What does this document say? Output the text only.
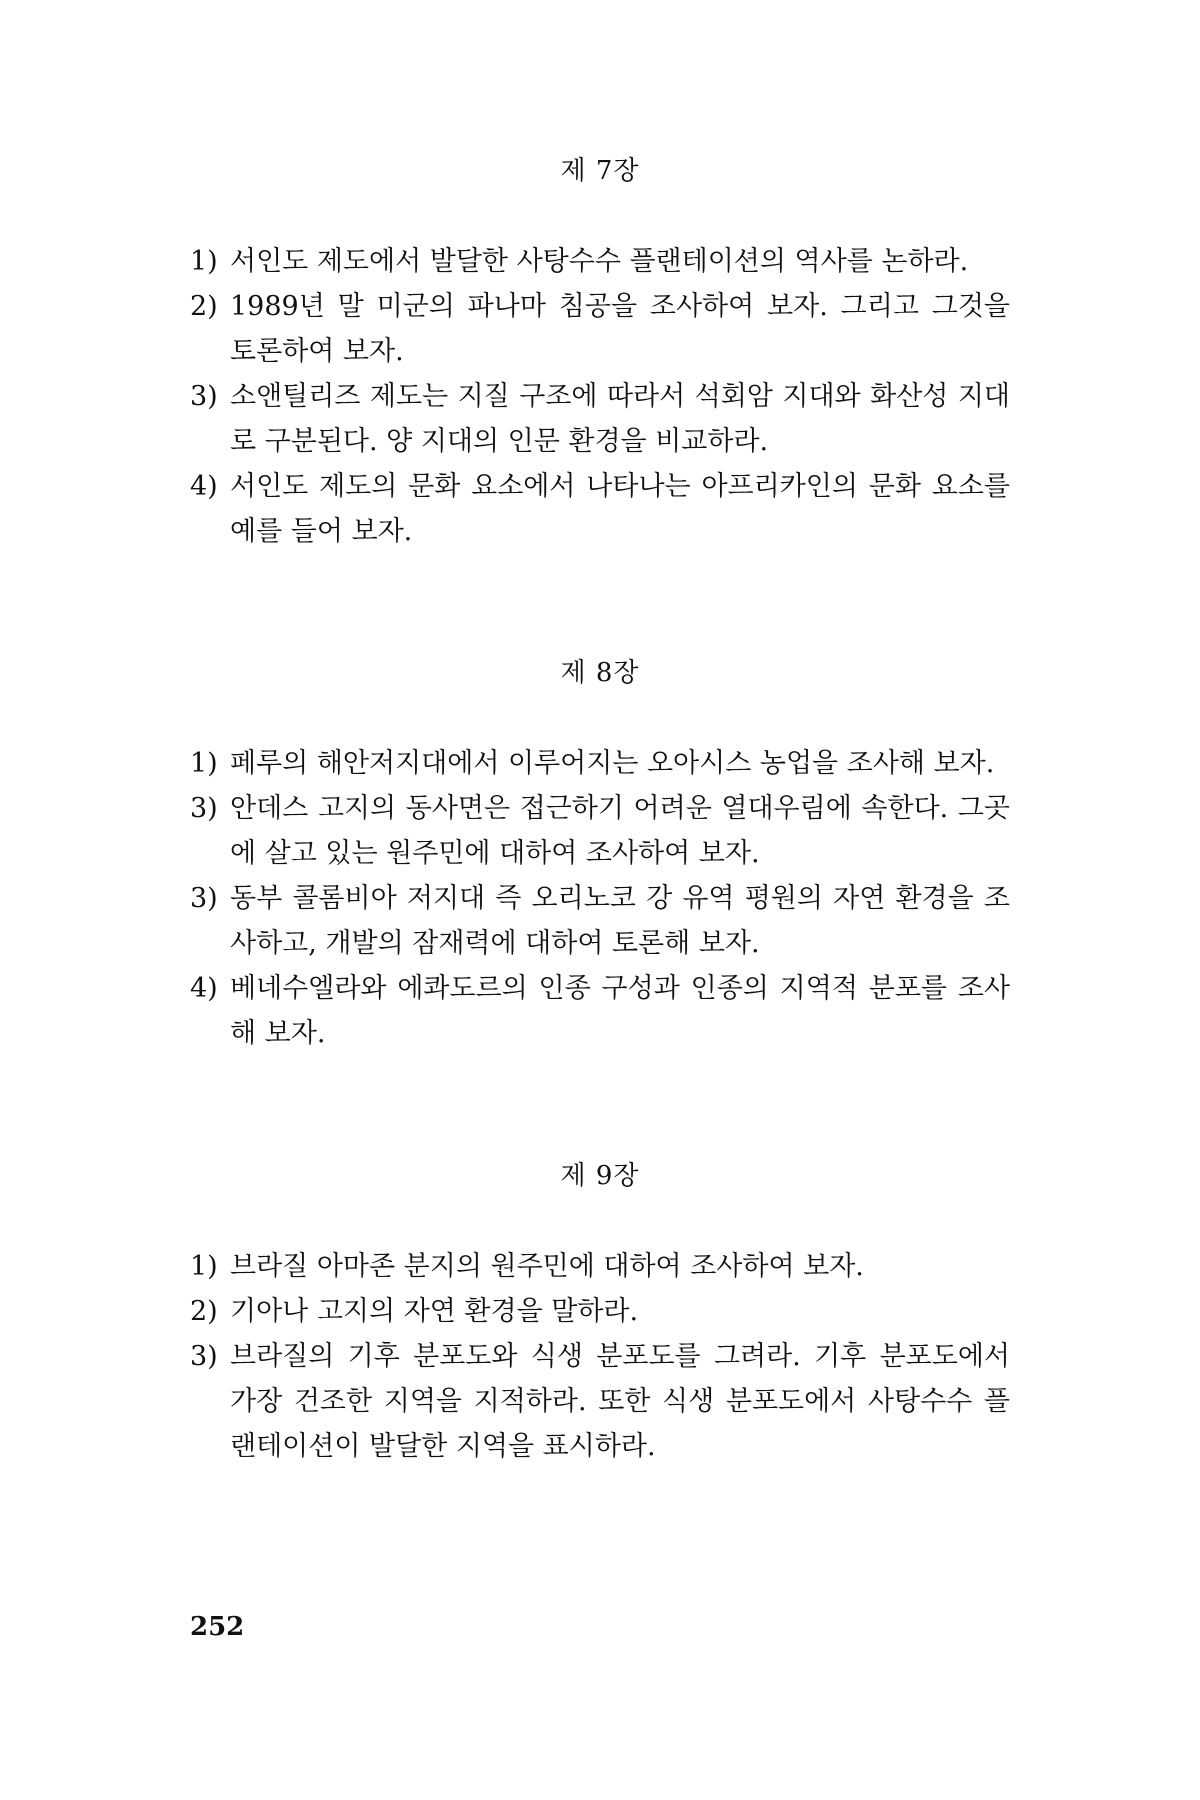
제 7장
1) 서인도 제도에서 발달한 사탕수수 플랜테이션의 역사를 논하라.
2) 1989년 말 미군의 파나마 침공을 조사하여 보자. 그리고 그것을 토론하여 보자.
3) 소앤틸리즈 제도는 지질 구조에 따라서 석회암 지대와 화산성 지대로 구분된다. 양 지대의 인문 환경을 비교하라.
4) 서인도 제도의 문화 요소에서 나타나는 아프리카인의 문화 요소를 예를 들어 보자.
제 8장
1) 페루의 해안저지대에서 이루어지는 오아시스 농업을 조사해 보자.
3) 안데스 고지의 동사면은 접근하기 어려운 열대우림에 속한다. 그곳에 살고 있는 원주민에 대하여 조사하여 보자.
3) 동부 콜롬비아 저지대 즉 오리노코 강 유역 평원의 자연 환경을 조사하고, 개발의 잠재력에 대하여 토론해 보자.
4) 베네수엘라와 에콰도르의 인종 구성과 인종의 지역적 분포를 조사해 보자.
제 9장
1) 브라질 아마존 분지의 원주민에 대하여 조사하여 보자.
2) 기아나 고지의 자연 환경을 말하라.
3) 브라질의 기후 분포도와 식생 분포도를 그려라. 기후 분포도에서 가장 건조한 지역을 지적하라. 또한 식생 분포도에서 사탕수수 플랜테이션이 발달한 지역을 표시하라.
252
